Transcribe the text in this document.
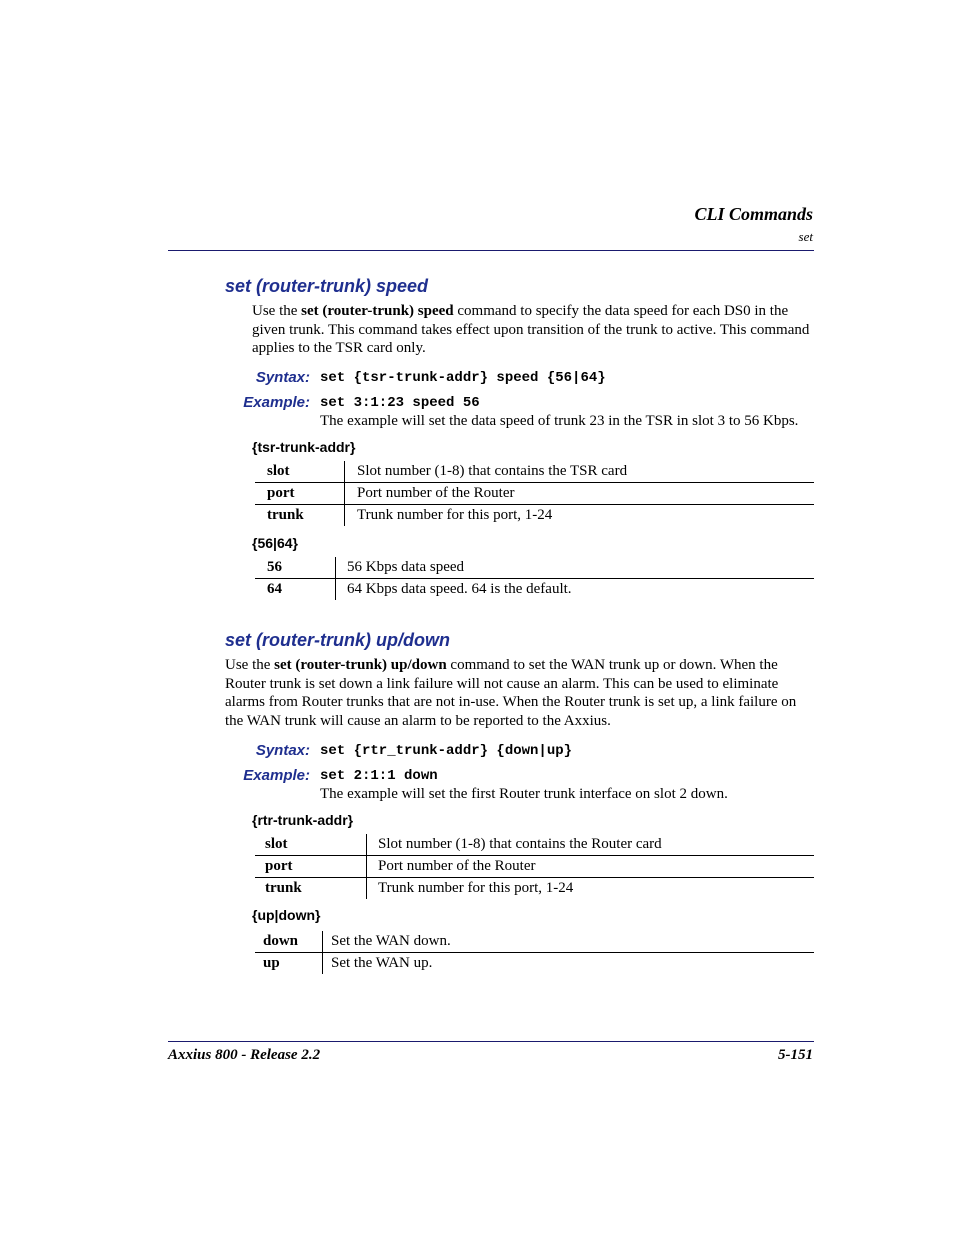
CLI Commands
set
set (router-trunk) speed
Use the set (router-trunk) speed command to specify the data speed for each DS0 in the given trunk. This command takes effect upon transition of the trunk to active. This command applies to the TSR card only.
Syntax: set {tsr-trunk-addr} speed {56|64}
Example: set 3:1:23 speed 56
The example will set the data speed of trunk 23 in the TSR in slot 3 to 56 Kbps.
{tsr-trunk-addr}
slot	Slot number (1-8) that contains the TSR card
port	Port number of the Router
trunk	Trunk number for this port, 1-24
{56|64}
56	56 Kbps data speed
64	64 Kbps data speed. 64 is the default.
set (router-trunk) up/down
Use the set (router-trunk) up/down command to set the WAN trunk up or down. When the Router trunk is set down a link failure will not cause an alarm. This can be used to eliminate alarms from Router trunks that are not in-use. When the Router trunk is set up, a link failure on the WAN trunk will cause an alarm to be reported to the Axxius.
Syntax: set {rtr_trunk-addr} {down|up}
Example: set 2:1:1 down
The example will set the first Router trunk interface on slot 2 down.
{rtr-trunk-addr}
slot	Slot number (1-8) that contains the Router card
port	Port number of the Router
trunk	Trunk number for this port, 1-24
{up|down}
down	Set the WAN down.
up	Set the WAN up.
Axxius 800 - Release 2.2	5-151
